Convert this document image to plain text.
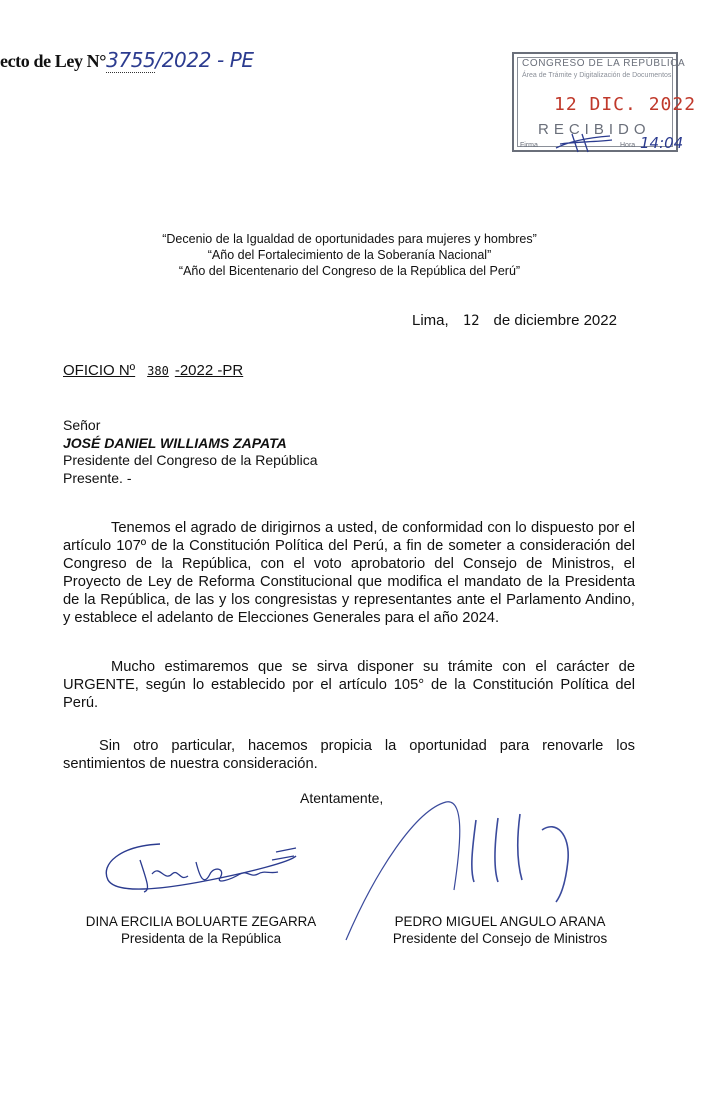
ecto de Ley N°3755/2022 - PE	CONGRESO DE LA REPÚBLICA
Área de Trámite y Digitalización de Documentos
12 DIC. 2022
RECIBIDO
Firma	Hora 14:04
“Decenio de la Igualdad de oportunidades para mujeres y hombres”
“Año del Fortalecimiento de la Soberanía Nacional”
“Año del Bicentenario del Congreso de la República del Perú”
Lima, 12 de diciembre 2022
OFICIO Nº 380 -2022 -PR
Señor
JOSÉ DANIEL WILLIAMS ZAPATA
Presidente del Congreso de la República
Presente. -

Tenemos el agrado de dirigirnos a usted, de conformidad con lo dispuesto por el artículo 107º de la Constitución Política del Perú, a fin de someter a consideración del Congreso de la República, con el voto aprobatorio del Consejo de Ministros, el Proyecto de Ley de Reforma Constitucional que modifica el mandato de la Presidenta de la República, de las y los congresistas y representantes ante el Parlamento Andino, y establece el adelanto de Elecciones Generales para el año 2024.

Mucho estimaremos que se sirva disponer su trámite con el carácter de URGENTE, según lo establecido por el artículo 105° de la Constitución Política del Perú.

Sin otro particular, hacemos propicia la oportunidad para renovarle los sentimientos de nuestra consideración.

Atentamente,
DINA ERCILIA BOLUARTE ZEGARRA
Presidenta de la República
PEDRO MIGUEL ANGULO ARANA
Presidente del Consejo de Ministros
